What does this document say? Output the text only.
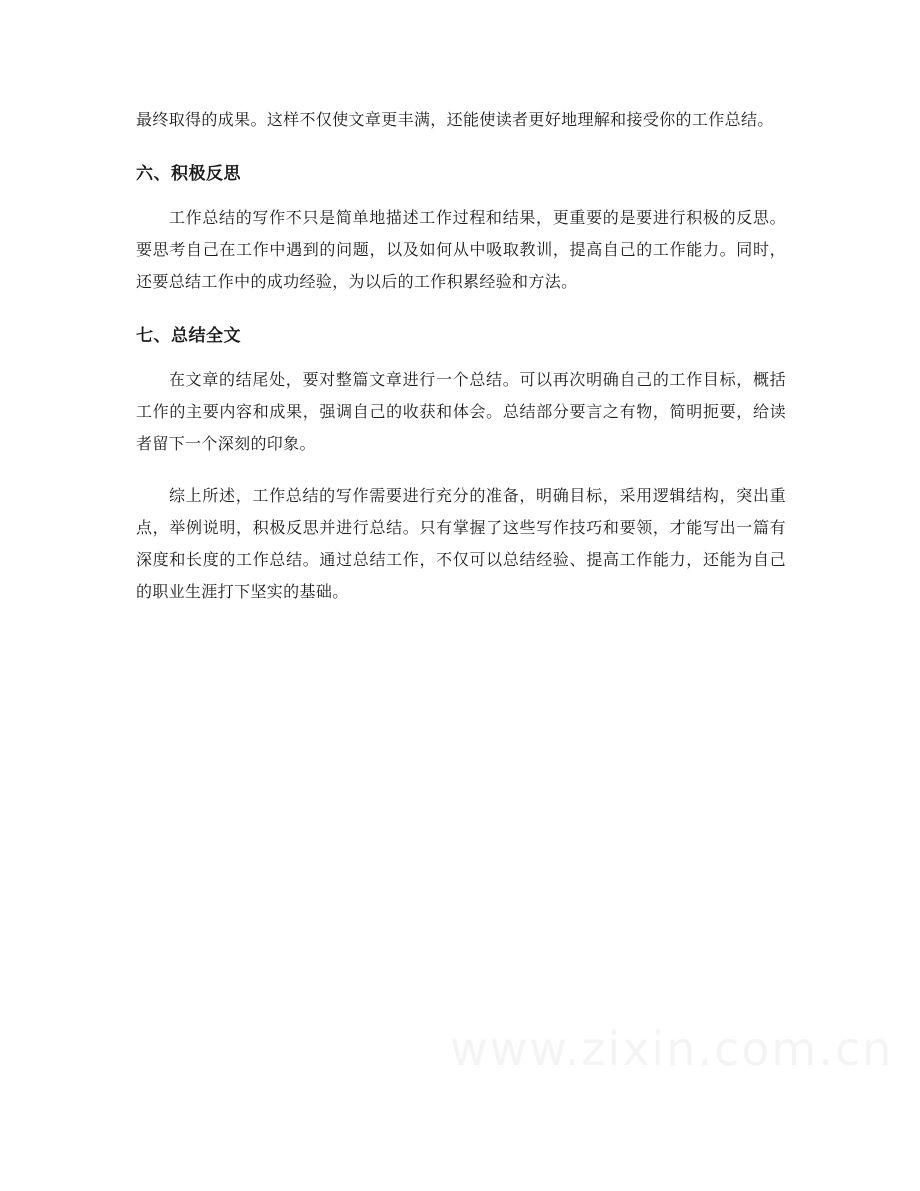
最终取得的成果。这样不仅使文章更丰满，还能使读者更好地理解和接受你的工作总结。

六、积极反思

工作总结的写作不只是简单地描述工作过程和结果，更重要的是要进行积极的反思。要思考自己在工作中遇到的问题，以及如何从中吸取教训，提高自己的工作能力。同时，还要总结工作中的成功经验，为以后的工作积累经验和方法。

七、总结全文

在文章的结尾处，要对整篇文章进行一个总结。可以再次明确自己的工作目标，概括工作的主要内容和成果，强调自己的收获和体会。总结部分要言之有物，简明扼要，给读者留下一个深刻的印象。

综上所述，工作总结的写作需要进行充分的准备，明确目标，采用逻辑结构，突出重点，举例说明，积极反思并进行总结。只有掌握了这些写作技巧和要领，才能写出一篇有深度和长度的工作总结。通过总结工作，不仅可以总结经验、提高工作能力，还能为自己的职业生涯打下坚实的基础。
